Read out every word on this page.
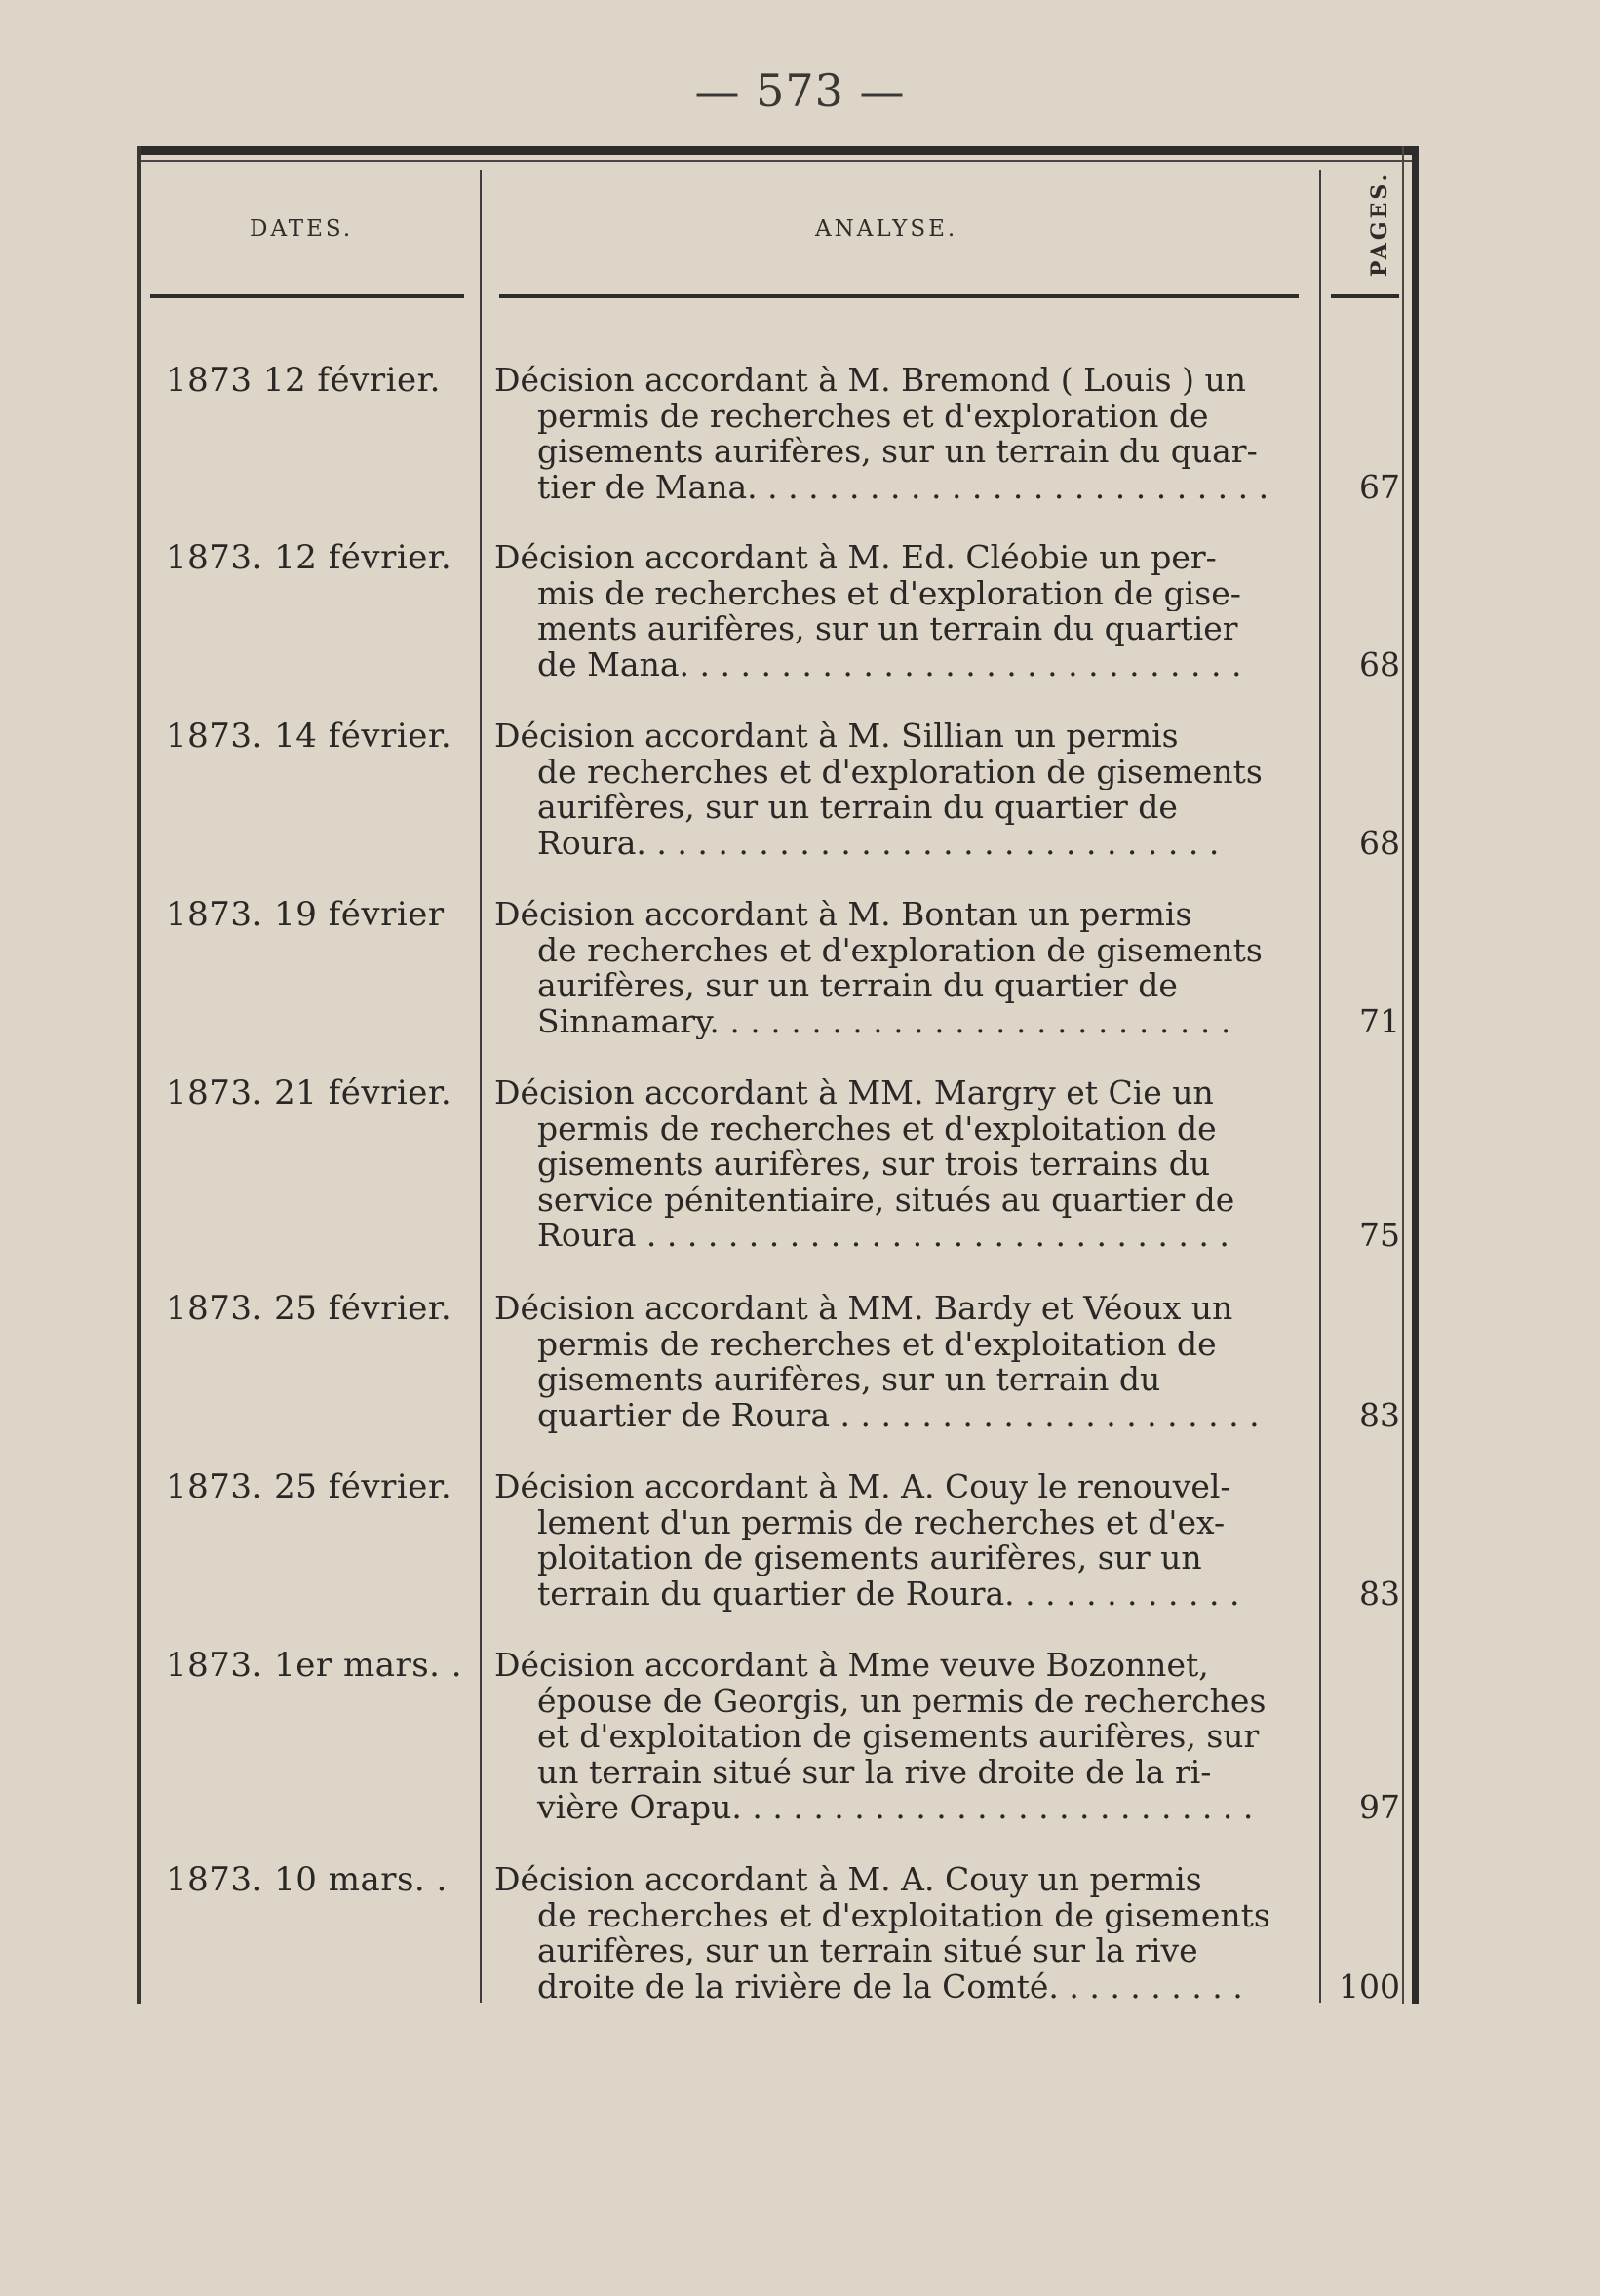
— 573 —
DATES.	ANALYSE.	PAGES.
1873 12 février. Décision accordant à M. Bremond ( Louis ) un
permis de recherches et d'exploration de
gisements aurifères, sur un terrain du quar-
tier de Mana. . . . . . . . . . . . . . . . . . . . . . . . . .	67
1873. 12 février. Décision accordant à M. Ed. Cléobie un per-
mis de recherches et d'exploration de gise-
ments aurifères, sur un terrain du quartier
de Mana. . . . . . . . . . . . . . . . . . . . . . . . . . . .	68
1873. 14 février. Décision accordant à M. Sillian un permis
de recherches et d'exploration de gisements
aurifères, sur un terrain du quartier de
Roura. . . . . . . . . . . . . . . . . . . . . . . . . . . . .	68
1873. 19 février Décision accordant à M. Bontan un permis
de recherches et d'exploration de gisements
aurifères, sur un terrain du quartier de
Sinnamary. . . . . . . . . . . . . . . . . . . . . . . . . .	71
1873. 21 février. Décision accordant à MM. Margry et Cie un
permis de recherches et d'exploitation de
gisements aurifères, sur trois terrains du
service pénitentiaire, situés au quartier de
Roura . . . . . . . . . . . . . . . . . . . . . . . . . . . . .	75
1873. 25 février. Décision accordant à MM. Bardy et Véoux un
permis de recherches et d'exploitation de
gisements aurifères, sur un terrain du
quartier de Roura . . . . . . . . . . . . . . . . . . . . .	83
1873. 25 février. Décision accordant à M. A. Couy le renouvel-
lement d'un permis de recherches et d'ex-
ploitation de gisements aurifères, sur un
terrain du quartier de Roura. . . . . . . . . . . .	83
1873. 1er mars. . Décision accordant à Mme veuve Bozonnet,
épouse de Georgis, un permis de recherches
et d'exploitation de gisements aurifères, sur
un terrain situé sur la rive droite de la ri-
vière Orapu. . . . . . . . . . . . . . . . . . . . . . . . . .	97
1873. 10 mars. . Décision accordant à M. A. Couy un permis
de recherches et d'exploitation de gisements
aurifères, sur un terrain situé sur la rive
droite de la rivière de la Comté. . . . . . . . . .	100
